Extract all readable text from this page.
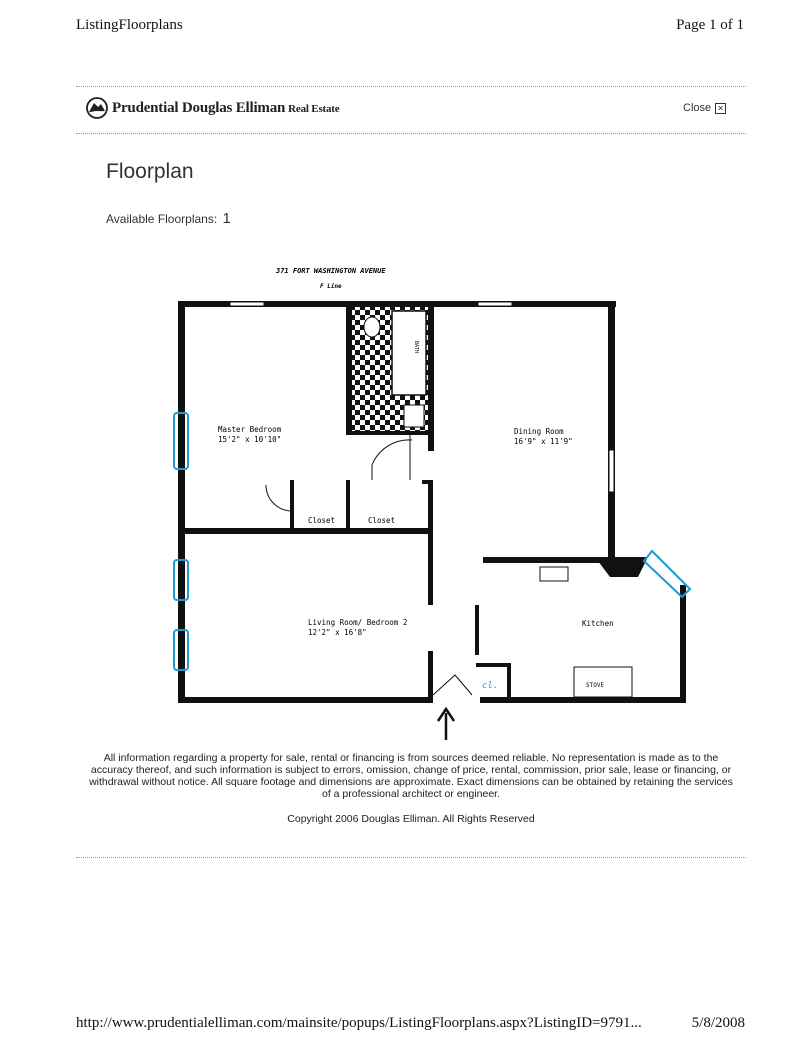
ListingFloorplans	Page 1 of 1
Prudential Douglas Elliman Real Estate	Close ✕
Floorplan
Available Floorplans: 1
371 FORT WASHINGTON AVENUE
F Line
BATH
STOVE
Master Bedroom
15'2" x 10'10"
Dining Room
16'9" x 11'9"
Closet	Closet
Living Room/ Bedroom 2
12'2" x 16'8"
Kitchen
cl.
All information regarding a property for sale, rental or financing is from sources deemed reliable. No representation is made as to the accuracy thereof, and such information is subject to errors, omission, change of price, rental, commission, prior sale, lease or financing, or withdrawal without notice. All square footage and dimensions are approximate. Exact dimensions can be obtained by retaining the services of a professional architect or engineer.
Copyright 2006 Douglas Elliman. All Rights Reserved
http://www.prudentialelliman.com/mainsite/popups/ListingFloorplans.aspx?ListingID=9791...	5/8/2008
